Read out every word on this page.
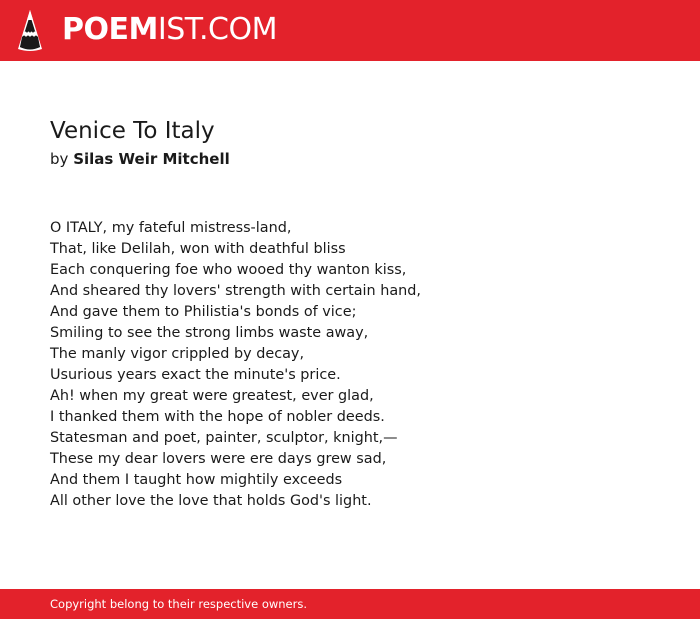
POEMIST.COM
Venice To Italy
by Silas Weir Mitchell
O ITALY, my fateful mistress-land,
That, like Delilah, won with deathful bliss
Each conquering foe who wooed thy wanton kiss,
And sheared thy lovers' strength with certain hand,
And gave them to Philistia's bonds of vice;
Smiling to see the strong limbs waste away,
The manly vigor crippled by decay,
Usurious years exact the minute's price.
Ah! when my great were greatest, ever glad,
I thanked them with the hope of nobler deeds.
Statesman and poet, painter, sculptor, knight,—
These my dear lovers were ere days grew sad,
And them I taught how mightily exceeds
All other love the love that holds God's light.
Copyright belong to their respective owners.
